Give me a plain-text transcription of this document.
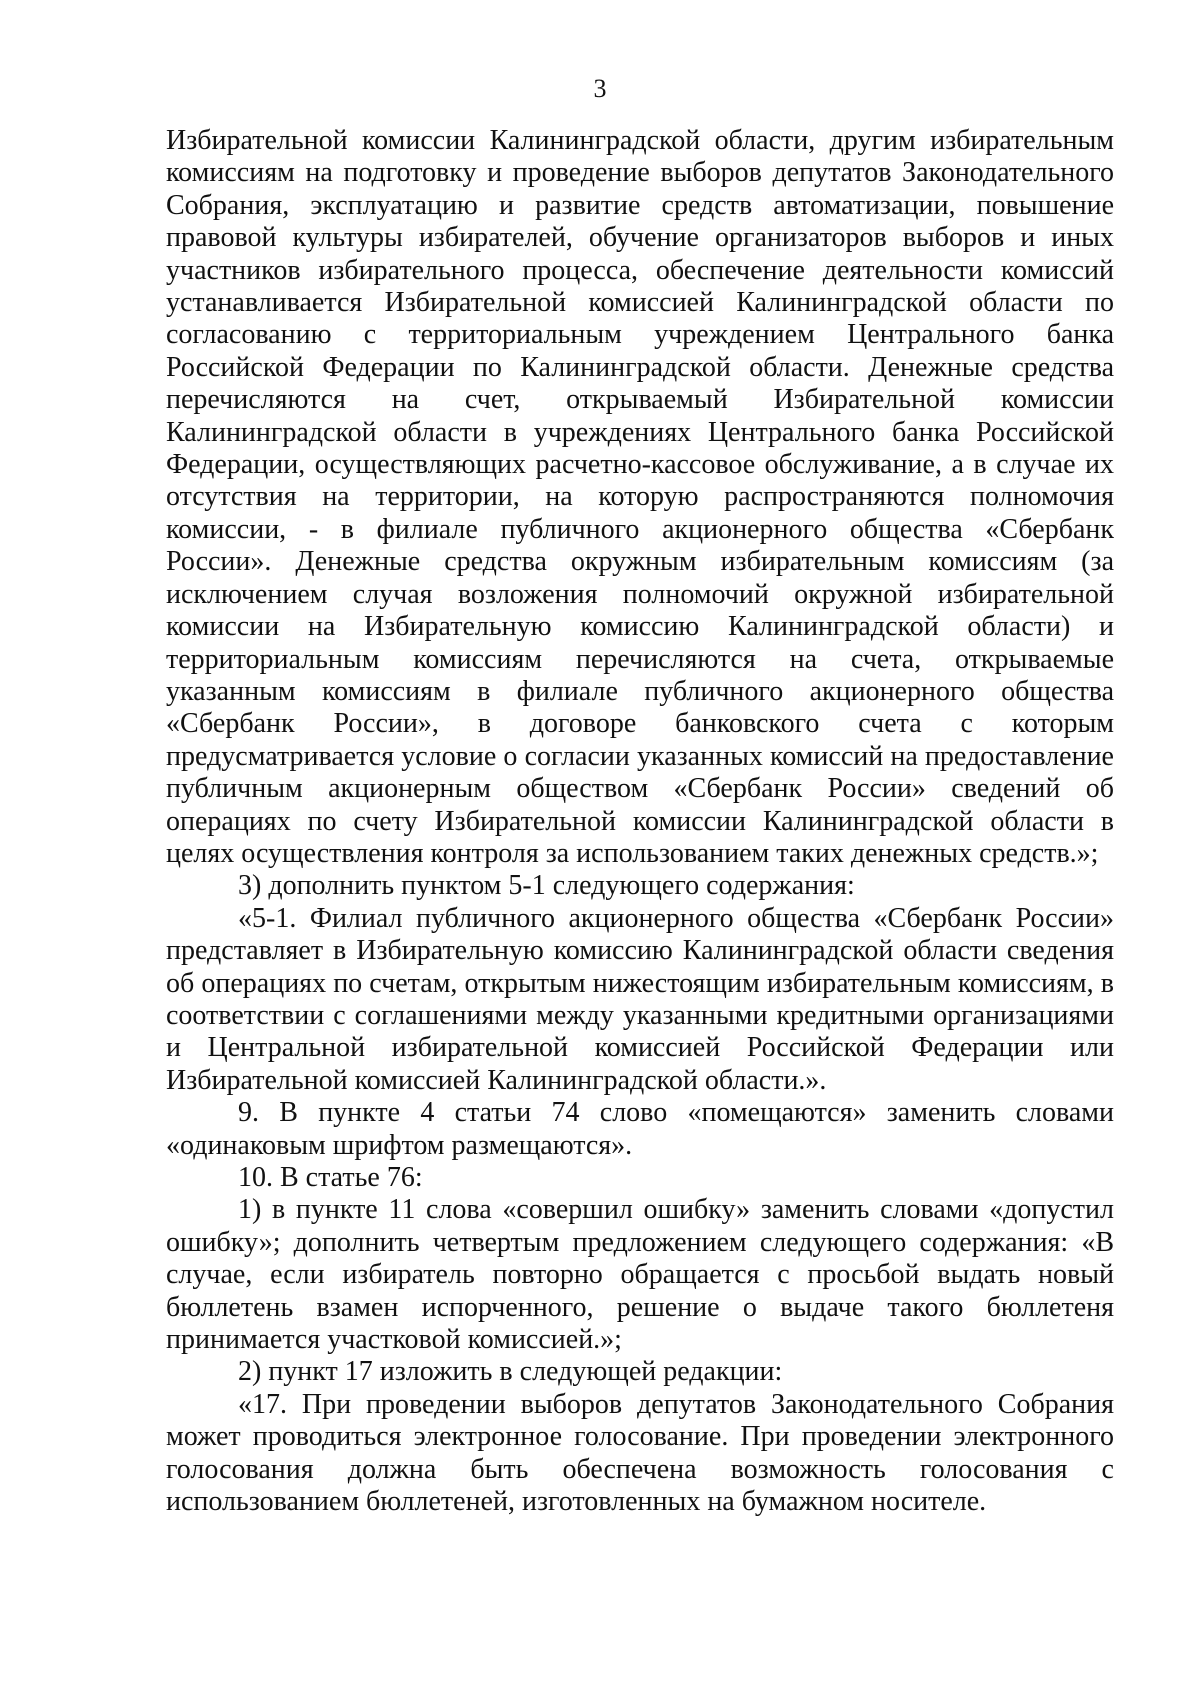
3

Избирательной комиссии Калининградской области, другим избирательным комиссиям на подготовку и проведение выборов депутатов Законодательного Собрания, эксплуатацию и развитие средств автоматизации, повышение правовой культуры избирателей, обучение организаторов выборов и иных участников избирательного процесса, обеспечение деятельности комиссий устанавливается Избирательной комиссией Калининградской области по согласованию с территориальным учреждением Центрального банка Российской Федерации по Калининградской области. Денежные средства перечисляются на счет, открываемый Избирательной комиссии Калининградской области в учреждениях Центрального банка Российской Федерации, осуществляющих расчетно-кассовое обслуживание, а в случае их отсутствия на территории, на которую распространяются полномочия комиссии, - в филиале публичного акционерного общества «Сбербанк России». Денежные средства окружным избирательным комиссиям (за исключением случая возложения полномочий окружной избирательной комиссии на Избирательную комиссию Калининградской области) и территориальным комиссиям перечисляются на счета, открываемые указанным комиссиям в филиале публичного акционерного общества «Сбербанк России», в договоре банковского счета с которым предусматривается условие о согласии указанных комиссий на предоставление публичным акционерным обществом «Сбербанк России» сведений об операциях по счету Избирательной комиссии Калининградской области в целях осуществления контроля за использованием таких денежных средств.»;

3) дополнить пунктом 5-1 следующего содержания:

«5-1. Филиал публичного акционерного общества «Сбербанк России» представляет в Избирательную комиссию Калининградской области сведения об операциях по счетам, открытым нижестоящим избирательным комиссиям, в соответствии с соглашениями между указанными кредитными организациями и Центральной избирательной комиссией Российской Федерации или Избирательной комиссией Калининградской области.».

9. В пункте 4 статьи 74 слово «помещаются» заменить словами «одинаковым шрифтом размещаются».

10. В статье 76:

1) в пункте 11 слова «совершил ошибку» заменить словами «допустил ошибку»; дополнить четвертым предложением следующего содержания: «В случае, если избиратель повторно обращается с просьбой выдать новый бюллетень взамен испорченного, решение о выдаче такого бюллетеня принимается участковой комиссией.»;

2) пункт 17 изложить в следующей редакции:

«17. При проведении выборов депутатов Законодательного Собрания может проводиться электронное голосование. При проведении электронного голосования должна быть обеспечена возможность голосования с использованием бюллетеней, изготовленных на бумажном носителе.
